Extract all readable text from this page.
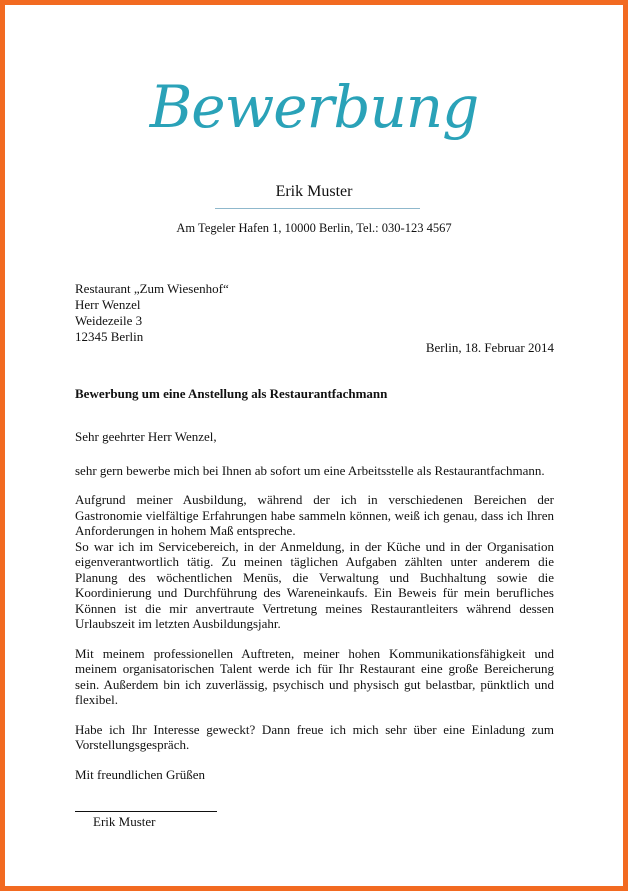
Bewerbung
Erik Muster
Am Tegeler Hafen 1, 10000 Berlin, Tel.: 030-123 4567
Restaurant „Zum Wiesenhof“
Herr Wenzel
Weidezeile 3
12345 Berlin
Berlin, 18. Februar 2014
Bewerbung um eine Anstellung als Restaurantfachmann

Sehr geehrter Herr Wenzel,

sehr gern bewerbe mich bei Ihnen ab sofort um eine Arbeitsstelle als Restaurantfachmann.

Aufgrund meiner Ausbildung, während der ich in verschiedenen Bereichen der Gastronomie vielfältige Erfahrungen habe sammeln können, weiß ich genau, dass ich Ihren Anforderungen in hohem Maß entspreche.

So war ich im Servicebereich, in der Anmeldung, in der Küche und in der Organisation eigenverantwortlich tätig. Zu meinen täglichen Aufgaben zählten unter anderem die Planung des wöchentlichen Menüs, die Verwaltung und Buchhaltung sowie die Koordinierung und Durchführung des Wareneinkaufs. Ein Beweis für mein berufliches Können ist die mir anvertraute Vertretung meines Restaurantleiters während dessen Urlaubszeit im letzten Ausbildungsjahr.

Mit meinem professionellen Auftreten, meiner hohen Kommunikationsfähigkeit und meinem organisatorischen Talent werde ich für Ihr Restaurant eine große Bereicherung sein. Außerdem bin ich zuverlässig, psychisch und physisch gut belastbar, pünktlich und flexibel.

Habe ich Ihr Interesse geweckt? Dann freue ich mich sehr über eine Einladung zum Vorstellungsgespräch.

Mit freundlichen Grüßen

Erik Muster
